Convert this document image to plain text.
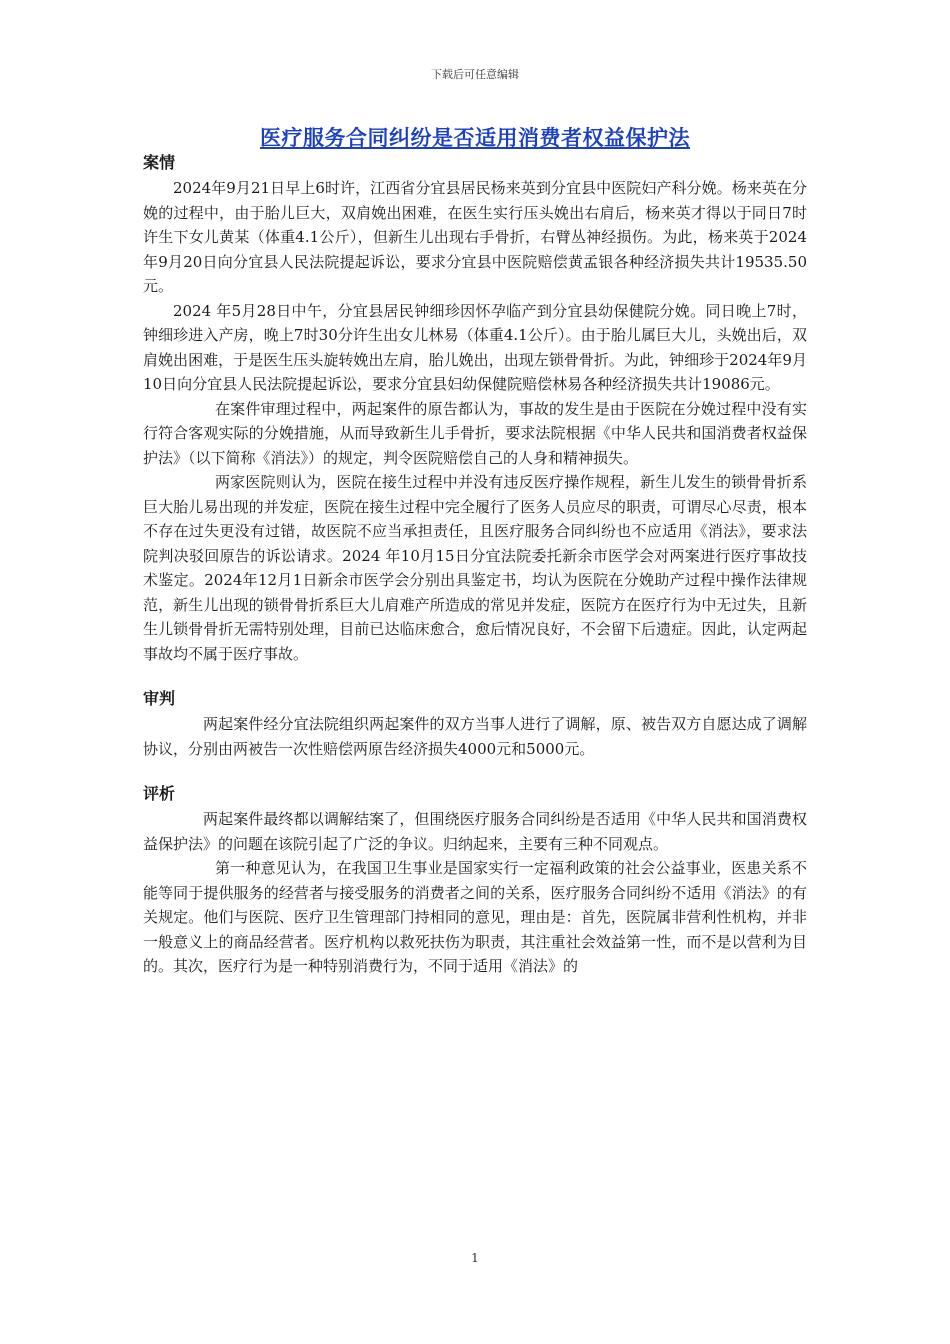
下载后可任意编辑
医疗服务合同纠纷是否适用消费者权益保护法
案情

2024年9月21日早上6时许，江西省分宜县居民杨来英到分宜县中医院妇产科分娩。杨来英在分娩的过程中，由于胎儿巨大，双肩娩出困难，在医生实行压头娩出右肩后，杨来英才得以于同日7时许生下女儿黄某（体重4.1公斤），但新生儿出现右手骨折，右臂丛神经损伤。为此，杨来英于2024年9月20日向分宜县人民法院提起诉讼，要求分宜县中医院赔偿黄孟银各种经济损失共计19535.50元。

2024 年5月28日中午，分宜县居民钟细珍因怀孕临产到分宜县幼保健院分娩。同日晚上7时，钟细珍进入产房，晚上7时30分许生出女儿林易（体重4.1公斤）。由于胎儿属巨大儿，头娩出后，双肩娩出困难，于是医生压头旋转娩出左肩，胎儿娩出，出现左锁骨骨折。为此，钟细珍于2024年9月10日向分宜县人民法院提起诉讼，要求分宜县妇幼保健院赔偿林易各种经济损失共计19086元。

在案件审理过程中，两起案件的原告都认为，事故的发生是由于医院在分娩过程中没有实行符合客观实际的分娩措施，从而导致新生儿手骨折，要求法院根据《中华人民共和国消费者权益保护法》（以下简称《消法》）的规定，判令医院赔偿自己的人身和精神损失。

两家医院则认为，医院在接生过程中并没有违反医疗操作规程，新生儿发生的锁骨骨折系巨大胎儿易出现的并发症，医院在接生过程中完全履行了医务人员应尽的职责，可谓尽心尽责，根本不存在过失更没有过错，故医院不应当承担责任，且医疗服务合同纠纷也不应适用《消法》，要求法院判决驳回原告的诉讼请求。2024 年10月15日分宜法院委托新余市医学会对两案进行医疗事故技术鉴定。2024年12月1日新余市医学会分别出具鉴定书，均认为医院在分娩助产过程中操作法律规范，新生儿出现的锁骨骨折系巨大儿肩难产所造成的常见并发症，医院方在医疗行为中无过失，且新生儿锁骨骨折无需特别处理，目前已达临床愈合，愈后情况良好，不会留下后遗症。因此，认定两起事故均不属于医疗事故。

审判

两起案件经分宜法院组织两起案件的双方当事人进行了调解，原、被告双方自愿达成了调解协议，分别由两被告一次性赔偿两原告经济损失4000元和5000元。

评析

两起案件最终都以调解结案了，但围绕医疗服务合同纠纷是否适用《中华人民共和国消费权益保护法》的问题在该院引起了广泛的争议。归纳起来，主要有三种不同观点。

第一种意见认为，在我国卫生事业是国家实行一定福利政策的社会公益事业，医患关系不能等同于提供服务的经营者与接受服务的消费者之间的关系，医疗服务合同纠纷不适用《消法》的有关规定。他们与医院、医疗卫生管理部门持相同的意见，理由是：首先，医院属非营利性机构，并非一般意义上的商品经营者。医疗机构以救死扶伤为职责，其注重社会效益第一性，而不是以营利为目的。其次，医疗行为是一种特别消费行为，不同于适用《消法》的

1
